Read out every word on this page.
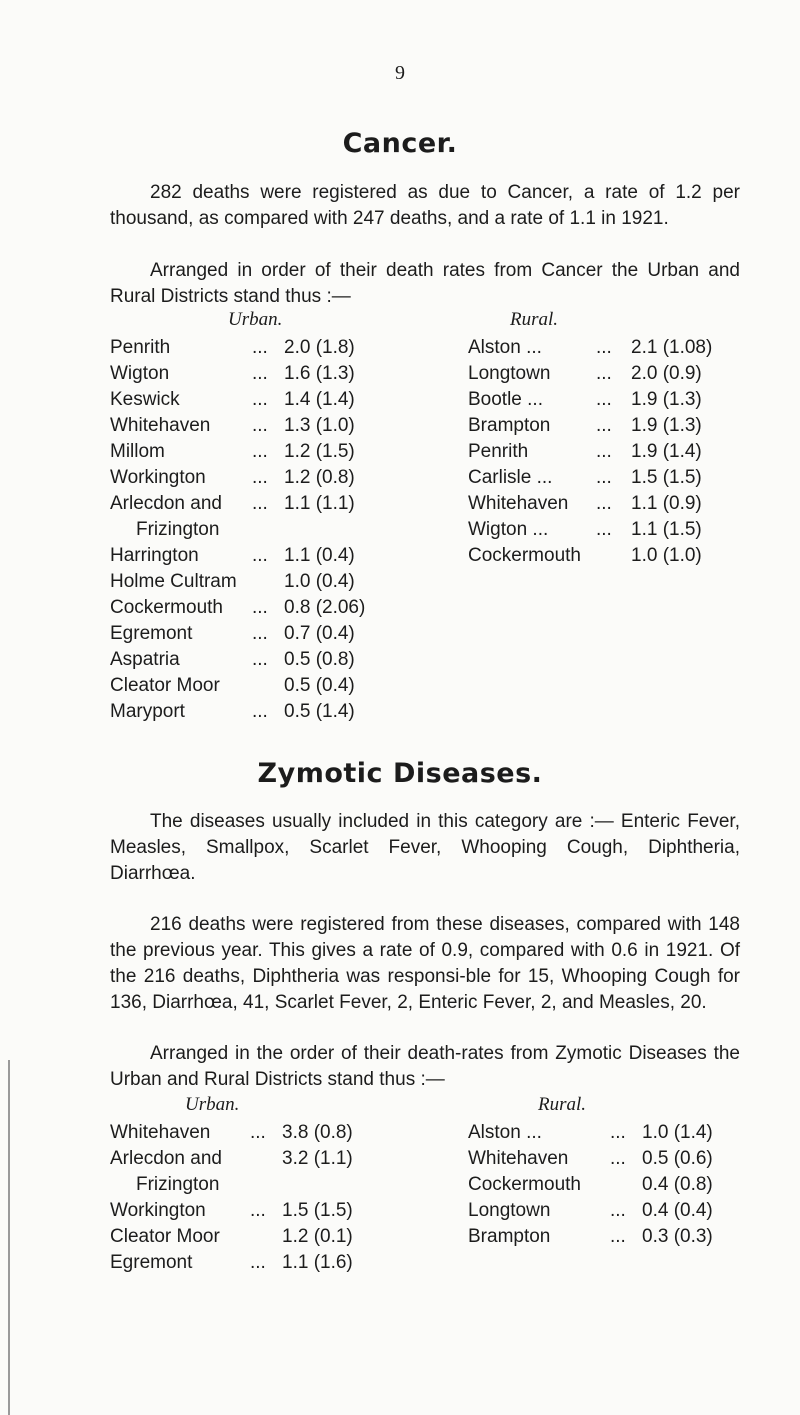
9
Cancer.

282 deaths were registered as due to Cancer, a rate of 1.2 per thousand, as compared with 247 deaths, and a rate of 1.1 in 1921.

Arranged in order of their death rates from Cancer the Urban and Rural Districts stand thus :—

Urban.	Rural.
Penrith	... 2.0 (1.8)
Wigton	... 1.6 (1.3)
Keswick	... 1.4 (1.4)
Whitehaven ... 1.3 (1.0)
Millom	... 1.2 (1.5)
Workington ... 1.2 (0.8)
Arlecdon and ... 1.1 (1.1)
Frizington
Harrington	... 1.1 (0.4)
Holme Cultram 1.0 (0.4)
Cockermouth ... 0.8 (2.06)
Egremont	... 0.7 (0.4)
Aspatria	... 0.5 (0.8)
Cleator Moor	0.5 (0.4)
Maryport	... 0.5 (1.4)
Alston ...	... 2.1 (1.08)
Longtown ... 2.0 (0.9)
Bootle ...	... 1.9 (1.3)
Brampton ... 1.9 (1.3)
Penrith	... 1.9 (1.4)
Carlisle ... ... 1.5 (1.5)
Whitehaven ... 1.1 (0.9)
Wigton ...	... 1.1 (1.5)
Cockermouth	1.0 (1.0)
Zymotic Diseases.

The diseases usually included in this category are :— Enteric Fever, Measles, Smallpox, Scarlet Fever, Whooping Cough, Diphtheria, Diarrhœa.

216 deaths were registered from these diseases, compared with 148 the previous year. This gives a rate of 0.9, compared with 0.6 in 1921. Of the 216 deaths, Diphtheria was responsi-ble for 15, Whooping Cough for 136, Diarrhœa, 41, Scarlet Fever, 2, Enteric Fever, 2, and Measles, 20.

Arranged in the order of their death-rates from Zymotic Diseases the Urban and Rural Districts stand thus :—

Urban.	Rural.
Whitehaven ... 3.8 (0.8)
Arlecdon and	3.2 (1.1)
Frizington
Workington ... 1.5 (1.5)
Cleator Moor	1.2 (0.1)
Egremont	... 1.1 (1.6)
Alston ...	... 1.0 (1.4)
Whitehaven ... 0.5 (0.6)
Cockermouth	0.4 (0.8)
Longtown	... 0.4 (0.4)
Brampton	... 0.3 (0.3)
